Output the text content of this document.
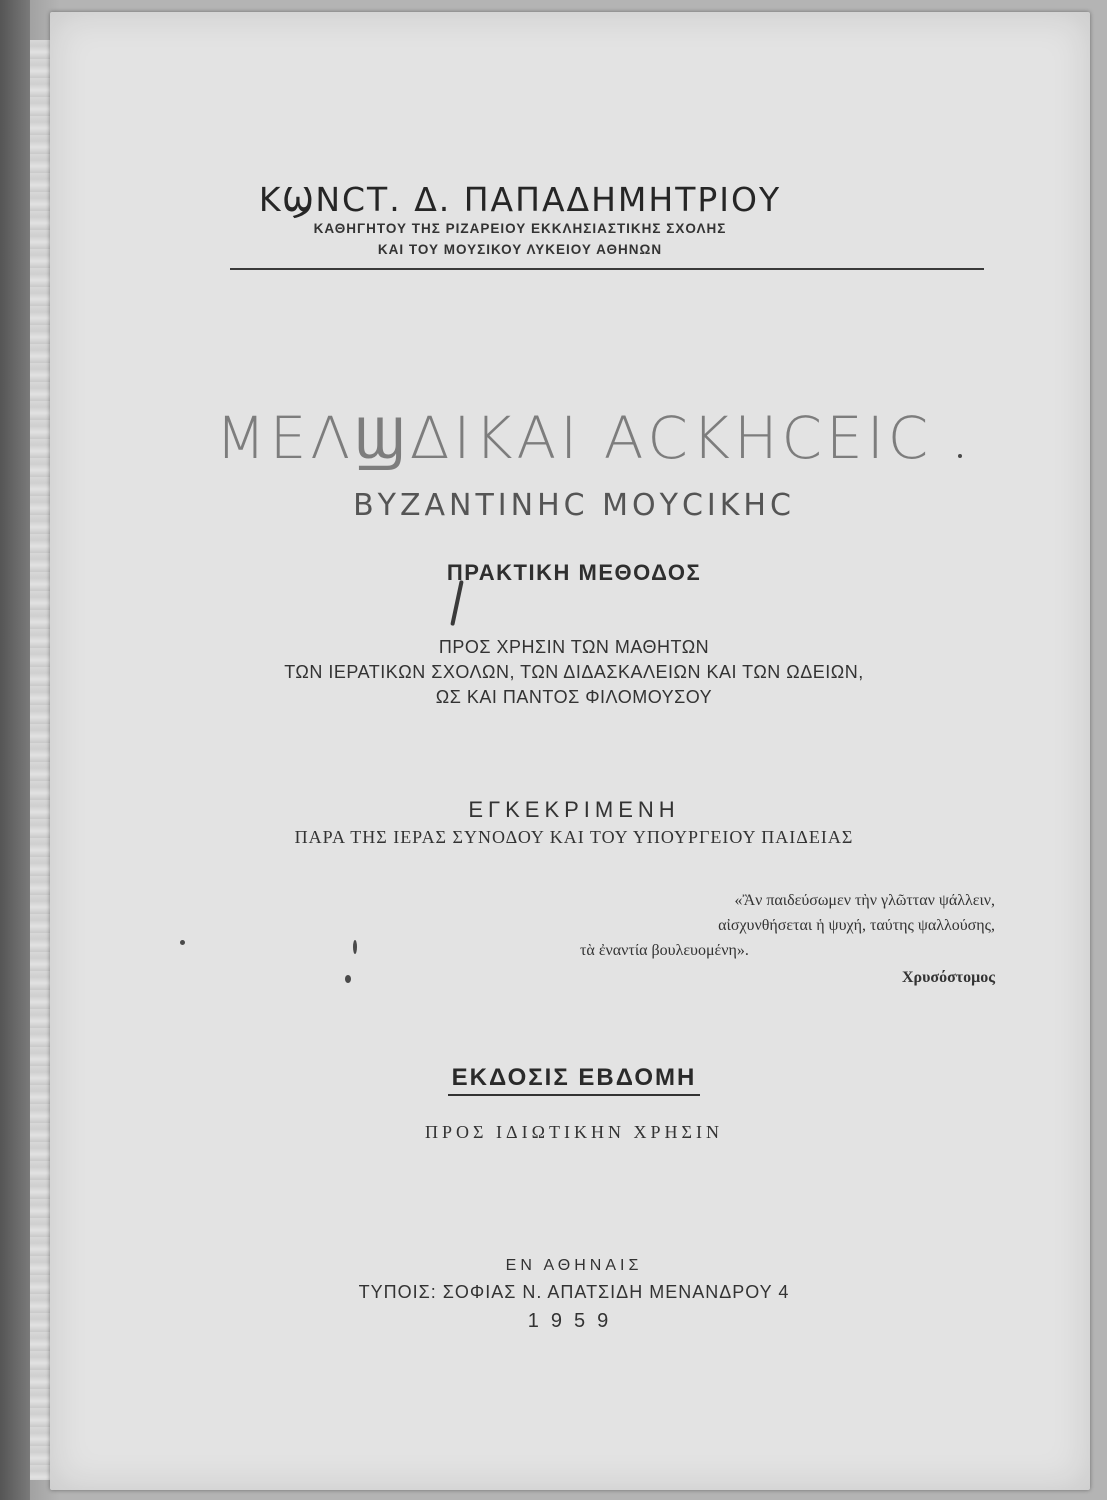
ΚϢΝϹΤ. Δ. ΠΑΠΑΔΗΜΗΤΡΙΟΥ
ΚΑΘΗΓΗΤΟΥ ΤΗΣ ΡΙΖΑΡΕΙΟΥ ΕΚΚΛΗΣΙΑΣΤΙΚΗΣ ΣΧΟΛΗΣ
ΚΑΙ ΤΟΥ ΜΟΥΣΙΚΟΥ ΛΥΚΕΙΟΥ ΑΘΗΝΩΝ
ΜΕΛϢΔΙΚΑΙ ΑϹΚΗϹΕΙϹ
ΒΥΖΑΝΤΙΝΗϹ ΜΟΥϹΙΚΗϹ
ΠΡΑΚΤΙΚΗ ΜΕΘΟΔΟΣ
ΠΡΟΣ ΧΡΗΣΙΝ ΤΩΝ ΜΑΘΗΤΩΝ
ΤΩΝ ΙΕΡΑΤΙΚΩΝ ΣΧΟΛΩΝ, ΤΩΝ ΔΙΔΑΣΚΑΛΕΙΩΝ ΚΑΙ ΤΩΝ ΩΔΕΙΩΝ,
ΩΣ ΚΑΙ ΠΑΝΤΟΣ ΦΙΛΟΜΟΥΣΟΥ
ΕΓΚΕΚΡΙΜΕΝΗ
ΠΑΡΑ ΤΗΣ ΙΕΡΑΣ ΣΥΝΟΔΟΥ ΚΑΙ ΤΟΥ ΥΠΟΥΡΓΕΙΟΥ ΠΑΙΔΕΙΑΣ
«Ἂν παιδεύσωμεν τὴν γλῶτταν ψάλλειν,
αἰσχυνθήσεται ἡ ψυχή, ταύτης ψαλλούσης,
τὰ ἐναντία βουλευομένη».
Χρυσόστομος
ΕΚΔΟΣΙΣ ΕΒΔΟΜΗ
ΠΡΟΣ ΙΔΙΩΤΙΚΗΝ ΧΡΗΣΙΝ
ΕΝ ΑΘΗΝΑΙΣ
ΤΥΠΟΙΣ: ΣΟΦΙΑΣ Ν. ΑΠΑΤΣΙΔΗ ΜΕΝΑΝΔΡΟΥ 4
1959
